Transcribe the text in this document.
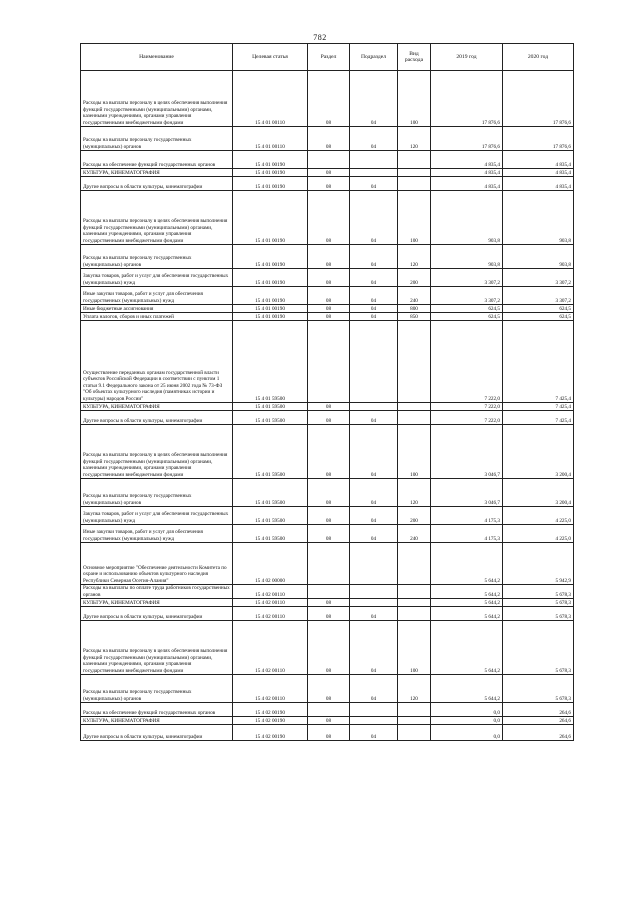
782
Наименование	Целевая статья	Раздел	Подраздел	Вид расхода	2019 год	2020 год
Расходы на выплаты персоналу в целях обеспечения выполнения функций государственными (муниципальными) органами, казенными учреждениями, органами управления государственными внебюджетными фондами	15 4 01 00110	08	04	100	17 876,6	17 876,6
Расходы на выплаты персоналу государственных (муниципальных) органов	15 4 01 00110	08	04	120	17 876,6	17 876,6
Расходы на обеспечение функций государственных органов	15 4 01 00190				4 835,4	4 835,4
КУЛЬТУРА, КИНЕМАТОГРАФИЯ	15 4 01 00190	08			4 835,4	4 835,4
Другие вопросы в области культуры, кинематографии	15 4 01 00190	08	04		4 835,4	4 835,4
Расходы на выплаты персоналу в целях обеспечения выполнения функций государственными (муниципальными) органами, казенными учреждениями, органами управления государственными внебюджетными фондами	15 4 01 00190	08	04	100	903,8	903,8
Расходы на выплаты персоналу государственных (муниципальных) органов	15 4 01 00190	08	04	120	903,8	903,8
Закупка товаров, работ и услуг для обеспечения государственных (муниципальных) нужд	15 4 01 00190	08	04	200	3 307,2	3 307,2
Иные закупки товаров, работ и услуг для обеспечения государственных (муниципальных) нужд	15 4 01 00190	08	04	240	3 307,2	3 307,2
Иные бюджетные ассигнования	15 4 01 00190	08	04	800	624,5	624,5
Уплата налогов, сборов и иных платежей	15 4 01 00190	08	04	850	624,5	624,5
Осуществление переданных органам государственной власти субъектов Российской Федерации в соответствии с пунктом 1 статьи 9.1 Федерального закона от 25 июня 2002 года № 73-ФЗ "Об объектах культурного наследия (памятниках истории и культуры) народов России"	15 4 01 59500				7 222,0	7 425,4
КУЛЬТУРА, КИНЕМАТОГРАФИЯ	15 4 01 59500	08			7 222,0	7 425,4
Другие вопросы в области культуры, кинематографии	15 4 01 59500	08	04		7 222,0	7 425,4
Расходы на выплаты персоналу в целях обеспечения выполнения функций государственными (муниципальными) органами, казенными учреждениями, органами управления государственными внебюджетными фондами	15 4 01 59500	08	04	100	3 046,7	3 200,4
Расходы на выплаты персоналу государственных (муниципальных) органов	15 4 01 59500	08	04	120	3 046,7	3 200,4
Закупка товаров, работ и услуг для обеспечения государственных (муниципальных) нужд	15 4 01 59500	08	04	200	4 175,3	4 225,0
Иные закупки товаров, работ и услуг для обеспечения государственных (муниципальных) нужд	15 4 01 59500	08	04	240	4 175,3	4 225,0
Основное мероприятие "Обеспечение деятельности Комитета по охране и использованию объектов культурного наследия Республики Северная Осетия-Алания"	15 4 02 00000				5 644,2	5 942,9
Расходы на выплаты по оплате труда работников государственных органов	15 4 02 00110				5 644,2	5 678,3
КУЛЬТУРА, КИНЕМАТОГРАФИЯ	15 4 02 00110	08			5 644,2	5 678,3
Другие вопросы в области культуры, кинематографии	15 4 02 00110	08	04		5 644,2	5 678,3
Расходы на выплаты персоналу в целях обеспечения выполнения функций государственными (муниципальными) органами, казенными учреждениями, органами управления государственными внебюджетными фондами	15 4 02 00110	08	04	100	5 644,2	5 678,3
Расходы на выплаты персоналу государственных (муниципальных) органов	15 4 02 00110	08	04	120	5 644,2	5 678,3
Расходы на обеспечение функций государственных органов	15 4 02 00190				0,0	264,6
КУЛЬТУРА, КИНЕМАТОГРАФИЯ	15 4 02 00190	08			0,0	264,6
Другие вопросы в области культуры, кинематографии	15 4 02 00190	08	04		0,0	264,6
